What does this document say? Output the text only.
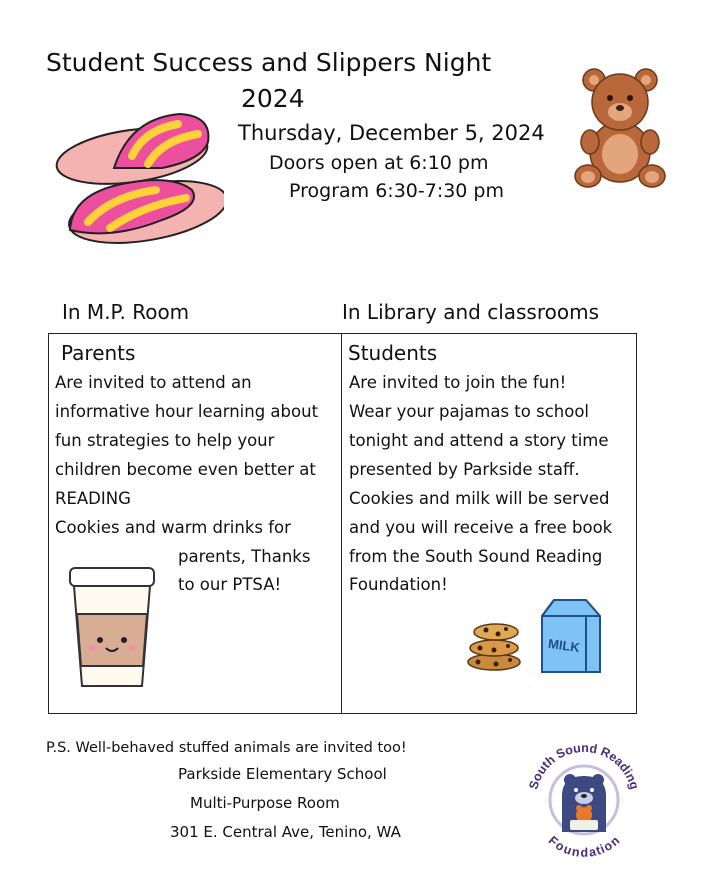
Student Success and Slippers Night
2024
Thursday, December 5, 2024
Doors open at 6:10 pm
Program 6:30-7:30 pm
In M.P. Room	In Library and classrooms
Parents
Are invited to attend an
informative hour learning about
fun strategies to help your
children become even better at
READING
Cookies and warm drinks for
parents, Thanks
to our PTSA!
Students
Are invited to join the fun!
Wear your pajamas to school
tonight and attend a story time
presented by Parkside staff.
Cookies and milk will be served
and you will receive a free book
from the South Sound Reading
Foundation!
MILK
P.S. Well-behaved stuffed animals are invited too!
Parkside Elementary School
Multi-Purpose Room
301 E. Central Ave, Tenino, WA
South Sound Reading
Foundation
